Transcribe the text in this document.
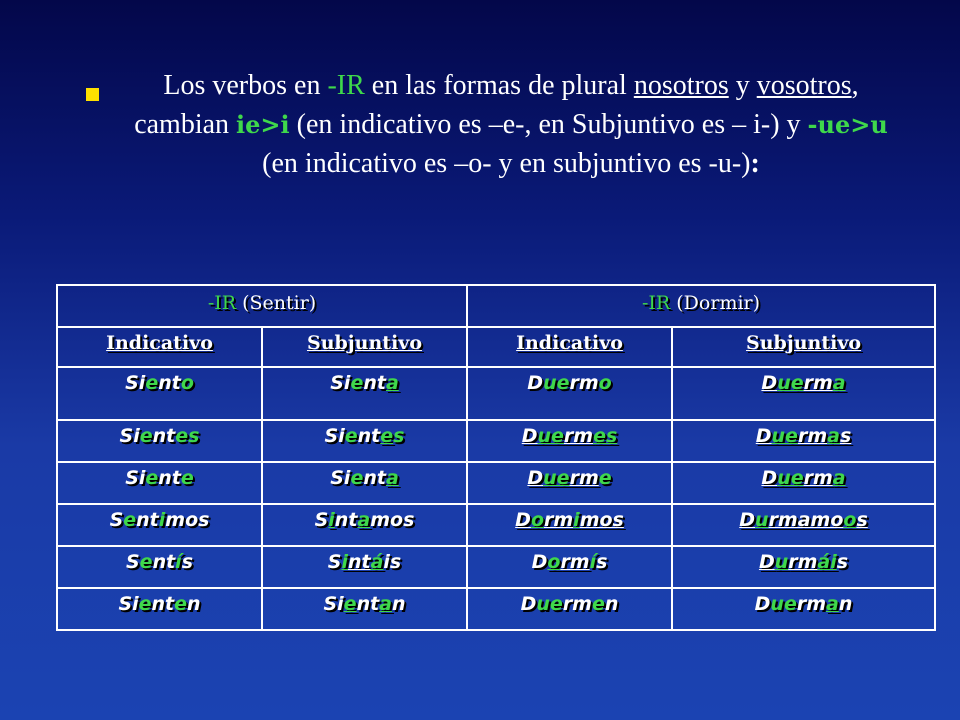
Los verbos en -IR en las formas de plural nosotros y vosotros, cambian ie>i (en indicativo es –e-, en Subjuntivo es – i-) y -ue>u (en indicativo es –o- y en subjuntivo es -u-):

-IR (Sentir)		-IR (Dormir)	
Indicativo	Subjuntivo	Indicativo	Subjuntivo
Siento	Sienta	Duermo	Duerma
Sientes	Sientes	Duermes	Duermas
Siente	Sienta	Duerme	Duerma
Sentimos	Sintamos	Dormimos	Durmamoos
Sentís	Sintáis	Dormís	Durmáis
Sienten	Sientan	Duermen	Duerman
